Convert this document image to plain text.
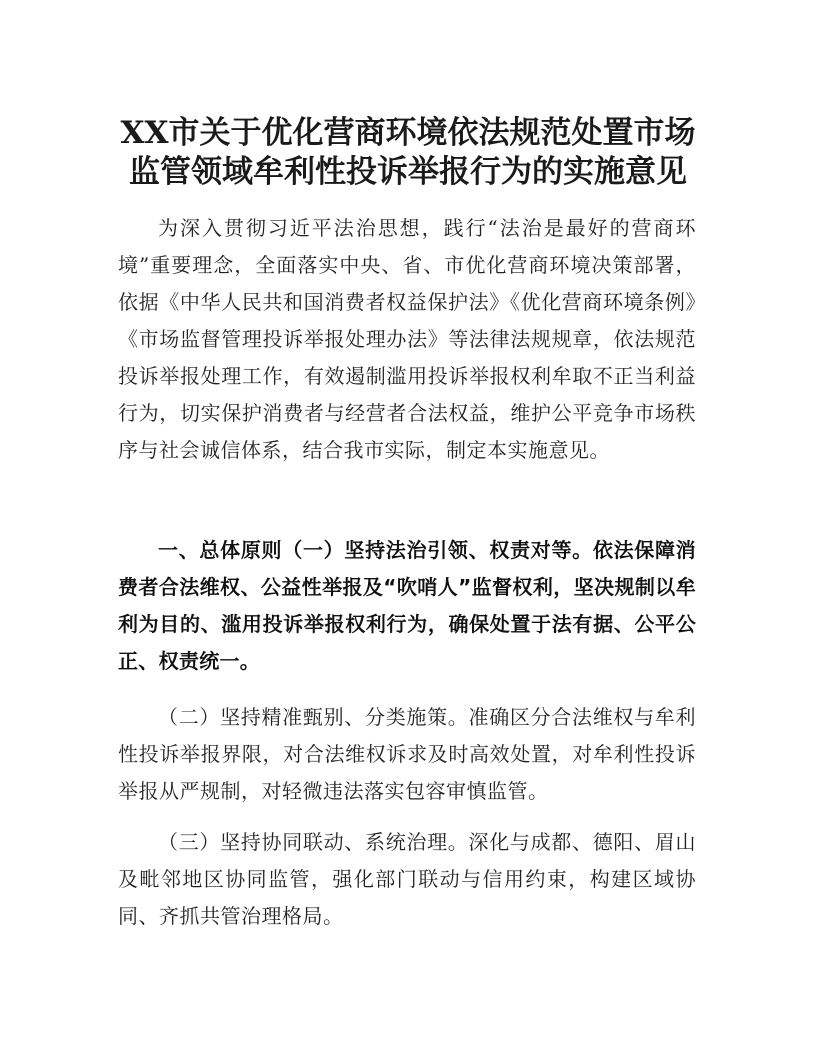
XX市关于优化营商环境依法规范处置市场
监管领域牟利性投诉举报行为的实施意见

为深入贯彻习近平法治思想，践行“法治是最好的营商环境”重要理念，全面落实中央、省、市优化营商环境决策部署，依据《中华人民共和国消费者权益保护法》《优化营商环境条例》《市场监督管理投诉举报处理办法》等法律法规规章，依法规范投诉举报处理工作，有效遏制滥用投诉举报权利牟取不正当利益行为，切实保护消费者与经营者合法权益，维护公平竞争市场秩序与社会诚信体系，结合我市实际，制定本实施意见。

一、总体原则（一）坚持法治引领、权责对等。依法保障消费者合法维权、公益性举报及“吹哨人”监督权利，坚决规制以牟利为目的、滥用投诉举报权利行为，确保处置于法有据、公平公正、权责统一。

（二）坚持精准甄别、分类施策。准确区分合法维权与牟利性投诉举报界限，对合法维权诉求及时高效处置，对牟利性投诉举报从严规制，对轻微违法落实包容审慎监管。

（三）坚持协同联动、系统治理。深化与成都、德阳、眉山及毗邻地区协同监管，强化部门联动与信用约束，构建区域协同、齐抓共管治理格局。
